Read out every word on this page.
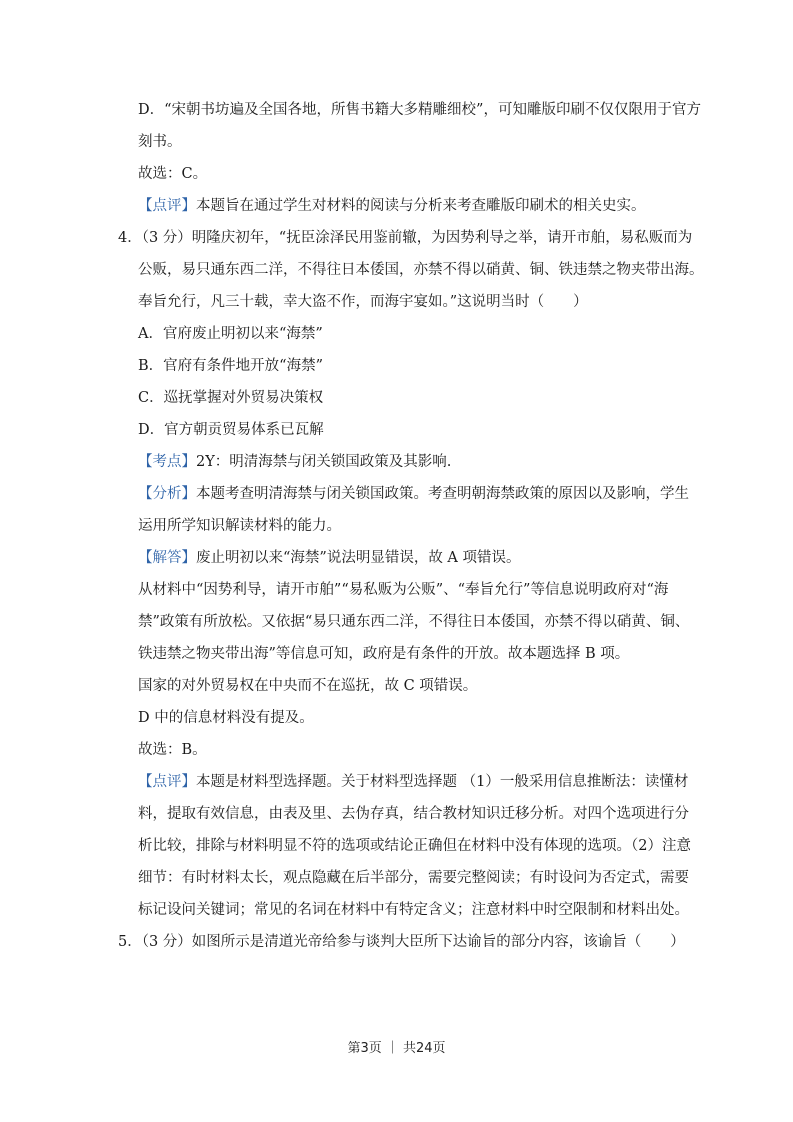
D．“宋朝书坊遍及全国各地，所售书籍大多精雕细校”，可知雕版印刷不仅仅限用于官方
刻书。
故选：C。
【点评】本题旨在通过学生对材料的阅读与分析来考查雕版印刷术的相关史实。
4．（3 分）明隆庆初年，“抚臣涂泽民用鉴前辙，为因势利导之举，请开市舶，易私贩而为
公贩，易只通东西二洋，不得往日本倭国，亦禁不得以硝黄、铜、铁违禁之物夹带出海。
奉旨允行，凡三十载，幸大盗不作，而海宇宴如。”这说明当时（　　）
A．官府废止明初以来“海禁”
B．官府有条件地开放“海禁”
C．巡抚掌握对外贸易决策权
D．官方朝贡贸易体系已瓦解
【考点】2Y：明清海禁与闭关锁国政策及其影响.
【分析】本题考查明清海禁与闭关锁国政策。考查明朝海禁政策的原因以及影响，学生
运用所学知识解读材料的能力。
【解答】废止明初以来“海禁”说法明显错误，故 A 项错误。
从材料中“因势利导，请开市舶”“易私贩为公贩”、“奉旨允行”等信息说明政府对“海
禁”政策有所放松。又依据“易只通东西二洋，不得往日本倭国，亦禁不得以硝黄、铜、
铁违禁之物夹带出海”等信息可知，政府是有条件的开放。故本题选择 B 项。
国家的对外贸易权在中央而不在巡抚，故 C 项错误。
D 中的信息材料没有提及。
故选：B。
【点评】本题是材料型选择题。关于材料型选择题 （1）一般采用信息推断法：读懂材
料，提取有效信息，由表及里、去伪存真，结合教材知识迁移分析。对四个选项进行分
析比较，排除与材料明显不符的选项或结论正确但在材料中没有体现的选项。（2）注意
细节：有时材料太长，观点隐藏在后半部分，需要完整阅读；有时设问为否定式，需要
标记设问关键词；常见的名词在材料中有特定含义；注意材料中时空限制和材料出处。
5．（3 分）如图所示是清道光帝给参与谈判大臣所下达谕旨的部分内容，该谕旨（　　）
第3页 ｜ 共24页
